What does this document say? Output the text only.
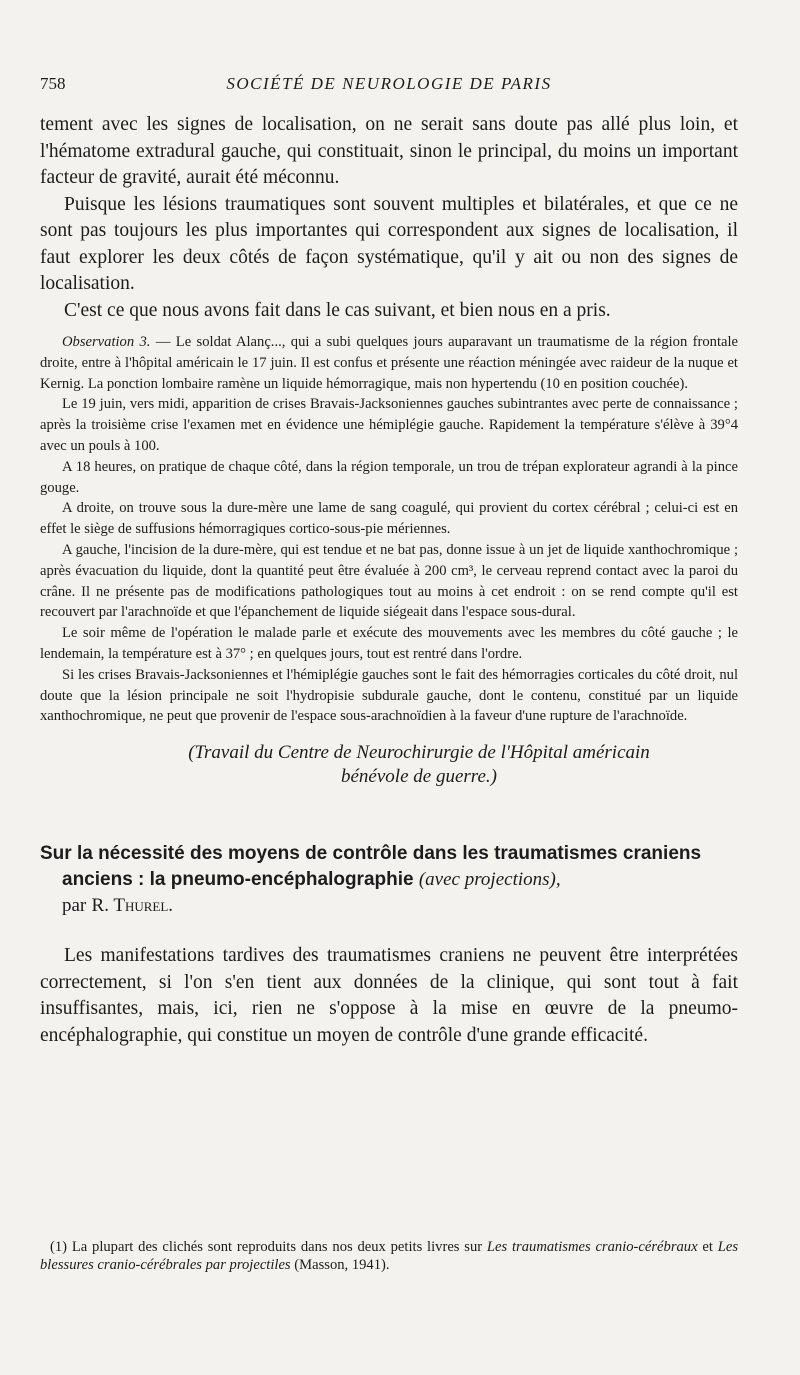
758	SOCIÉTÉ DE NEUROLOGIE DE PARIS

tement avec les signes de localisation, on ne serait sans doute pas allé plus loin, et l'hématome extradural gauche, qui constituait, sinon le principal, du moins un important facteur de gravité, aurait été méconnu.

Puisque les lésions traumatiques sont souvent multiples et bilatérales, et que ce ne sont pas toujours les plus importantes qui correspondent aux signes de localisation, il faut explorer les deux côtés de façon systématique, qu'il y ait ou non des signes de localisation.

C'est ce que nous avons fait dans le cas suivant, et bien nous en a pris.

Observation 3. — Le soldat Alanç..., qui a subi quelques jours auparavant un traumatisme de la région frontale droite, entre à l'hôpital américain le 17 juin. Il est confus et présente une réaction méningée avec raideur de la nuque et Kernig. La ponction lombaire ramène un liquide hémorragique, mais non hypertendu (10 en position couchée).

Le 19 juin, vers midi, apparition de crises Bravais-Jacksoniennes gauches subintrantes avec perte de connaissance ; après la troisième crise l'examen met en évidence une hémiplégie gauche. Rapidement la température s'élève à 39°4 avec un pouls à 100.

A 18 heures, on pratique de chaque côté, dans la région temporale, un trou de trépan explorateur agrandi à la pince gouge.

A droite, on trouve sous la dure-mère une lame de sang coagulé, qui provient du cortex cérébral ; celui-ci est en effet le siège de suffusions hémorragiques cortico-sous-pie mériennes.

A gauche, l'incision de la dure-mère, qui est tendue et ne bat pas, donne issue à un jet de liquide xanthochromique ; après évacuation du liquide, dont la quantité peut être évaluée à 200 cm³, le cerveau reprend contact avec la paroi du crâne. Il ne présente pas de modifications pathologiques tout au moins à cet endroit : on se rend compte qu'il est recouvert par l'arachnoïde et que l'épanchement de liquide siégeait dans l'espace sous-dural.

Le soir même de l'opération le malade parle et exécute des mouvements avec les membres du côté gauche ; le lendemain, la température est à 37° ; en quelques jours, tout est rentré dans l'ordre.

Si les crises Bravais-Jacksoniennes et l'hémiplégie gauches sont le fait des hémorragies corticales du côté droit, nul doute que la lésion principale ne soit l'hydropisie subdurale gauche, dont le contenu, constitué par un liquide xanthochromique, ne peut que provenir de l'espace sous-arachnoïdien à la faveur d'une rupture de l'arachnoïde.

(Travail du Centre de Neurochirurgie de l'Hôpital américain
bénévole de guerre.)
Sur la nécessité des moyens de contrôle dans les traumatismes craniens anciens : la pneumo-encéphalographie (avec projections),
par R. Thurel.

Les manifestations tardives des traumatismes craniens ne peuvent être interprétées correctement, si l'on s'en tient aux données de la clinique, qui sont tout à fait insuffisantes, mais, ici, rien ne s'oppose à la mise en œuvre de la pneumo-encéphalographie, qui constitue un moyen de contrôle d'une grande efficacité.

(1) La plupart des clichés sont reproduits dans nos deux petits livres sur Les traumatismes cranio-cérébraux et Les blessures cranio-cérébrales par projectiles (Masson, 1941).
